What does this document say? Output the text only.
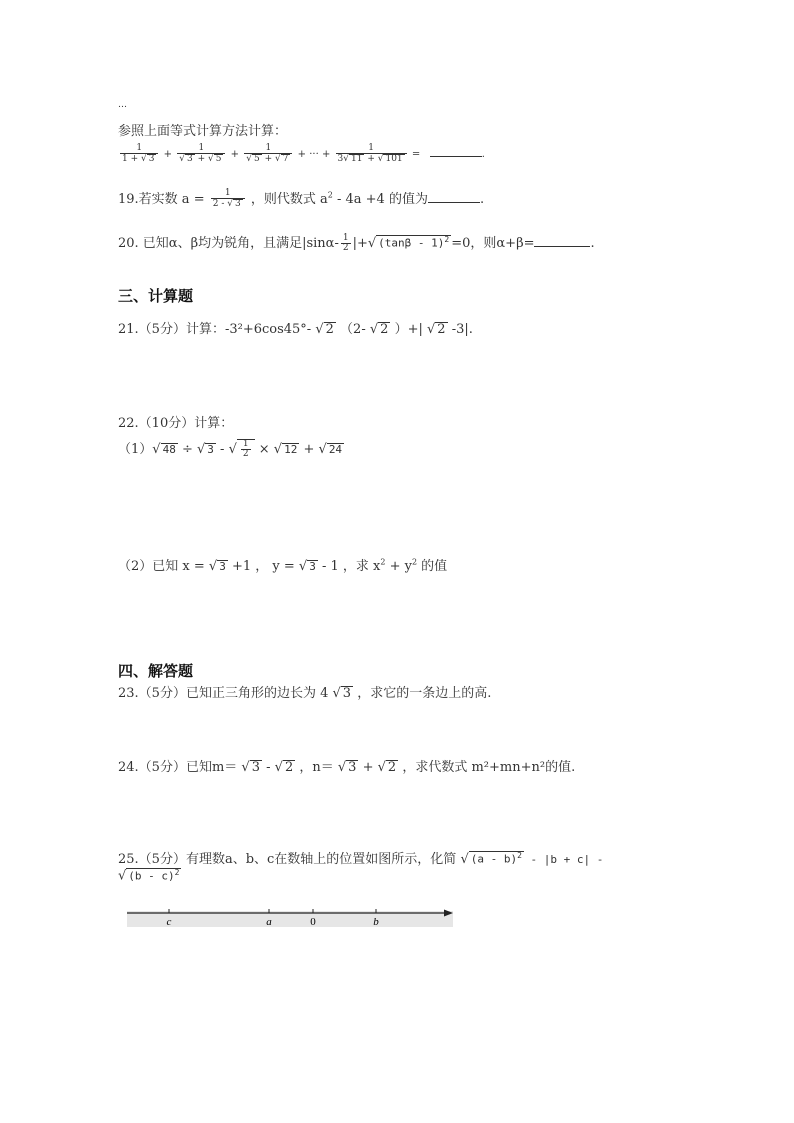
…
参照上面等式计算方法计算：
$\frac{1}{1 + √ 3} + \frac{1}{√ 3 + √ 5} + \frac{1}{√ 5 + √ 7}$ + ··· + $\frac{1}{3√ 11 + √ 101}$ =	.
19.若实数 $a = \frac{1}{2 - √ 3}$ ，则代数式 $a^2 - 4a +4$ 的值为	.
20. 已知α、β均为锐角，且满足$|\sin\alpha- \frac{1}{2}$ |+√ (tanβ - 1)$^2$ =0，则α+β=	.
三、计算题
21.（5分）计算：-3²+6cos45°- √ 2 （2- √ 2 ）+| √ 2 -3|.
22.（10分）计算：
（1）√ 48 ÷ √ 3 - √ $\frac{1}{2}$ × √ 12 + √ 24
（2）已知 x = √ 3 +1 ， y = √ 3 - 1 ，求 $x^2 + y^2$ 的值
四、解答题
23.（5分）已知正三角形的边长为 4 √ 3 ，求它的一条边上的高.
24.（5分）已知m＝ √ 3 - √ 2 ，n＝ √ 3 + √ 2 ，求代数式 m²+mn+n²的值.
25.（5分）有理数a、b、c在数轴上的位置如图所示，化简 √ (a - b)$^2$ - |b + c| -
√ (b - c)$^2$
c	a	0	b
